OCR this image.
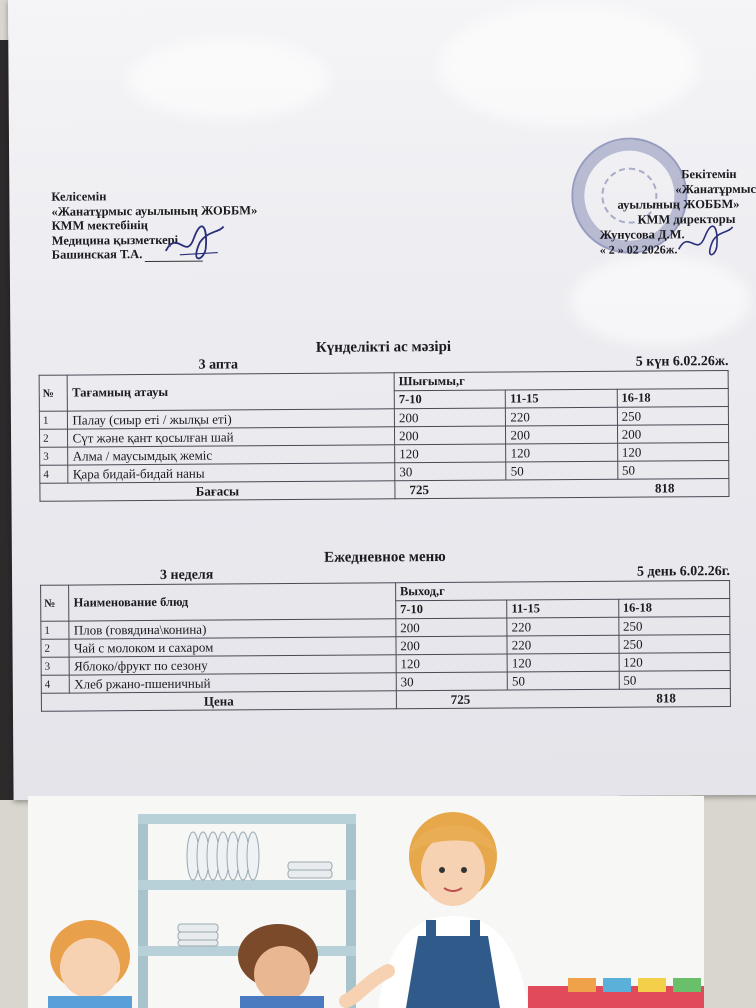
Келісемін
«Жанатұрмыс ауылының ЖОББМ»
КММ мектебінің
Медицина қызметкері
Башинская Т.А.
Бекітемін
«Жанатұрмыс
ауылының ЖОББМ»
КММ директоры
Жунусова Д.М.
« 2 » 02 2026ж.
Күнделікті ас мәзірі
3 апта	5 күн 6.02.26ж.
№	Тағамның атауы	Шығымы,г		
		7-10	11-15	16-18
1	Палау (сиыр еті / жылқы еті)	200	220	250
2	Сүт және қант қосылған шай	200	200	200
3	Алма / маусымдық жеміс	120	120	120
4	Қара бидай-бидай наны	30	50	50
Бағасы		725 818		
Ежедневное меню
3 неделя	5 день 6.02.26г.
№	Наименование блюд	Выход,г		
		7-10	11-15	16-18
1	Плов (говядина\конина)	200	220	250
2	Чай с молоком и сахаром	200	220	250
3	Яблоко/фрукт по сезону	120	120	120
4	Хлеб ржано-пшеничный	30	50	50
Цена		725 818		
